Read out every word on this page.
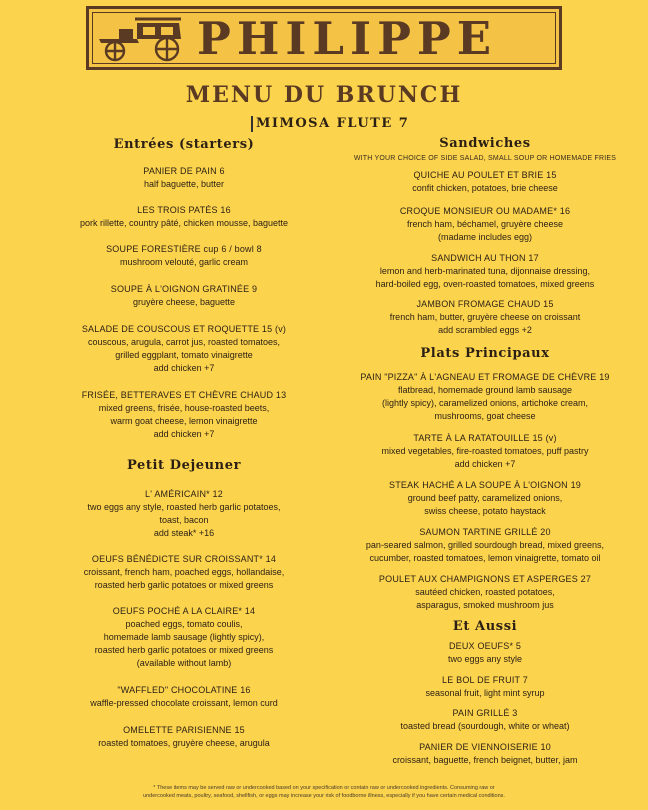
PHILIPPE
MENU DU BRUNCH
MIMOSA FLUTE 7
Entrées (starters)
PANIER DE PAIN 6
half baguette, butter
LES TROIS PATÉS 16
pork rillette, country pâté, chicken mousse, baguette
SOUPE FORESTIÈRE cup 6 / bowl 8
mushroom velouté, garlic cream
SOUPE À L'OIGNON GRATINÉE 9
gruyère cheese, baguette
SALADE DE COUSCOUS ET ROQUETTE 15 (v)
couscous, arugula, carrot jus, roasted tomatoes,
grilled eggplant, tomato vinaigrette
add chicken +7
FRISÉE, BETTERAVES ET CHÈVRE CHAUD 13
mixed greens, frisée, house-roasted beets,
warm goat cheese, lemon vinaigrette
add chicken +7
Petit Dejeuner
L' AMÉRICAIN* 12
two eggs any style, roasted herb garlic potatoes,
toast, bacon
add steak* +16
OEUFS BÉNÉDICTE SUR CROISSANT* 14
croissant, french ham, poached eggs, hollandaise,
roasted herb garlic potatoes or mixed greens
OEUFS POCHÉ A LA CLAIRE* 14
poached eggs, tomato coulis,
homemade lamb sausage (lightly spicy),
roasted herb garlic potatoes or mixed greens
(available without lamb)
"WAFFLED" CHOCOLATINE 16
waffle-pressed chocolate croissant, lemon curd
OMELETTE PARISIENNE 15
roasted tomatoes, gruyère cheese, arugula
Sandwiches
WITH YOUR CHOICE OF SIDE SALAD, SMALL SOUP OR HOMEMADE FRIES
QUICHE AU POULET ET BRIE 15
confit chicken, potatoes, brie cheese
CROQUE MONSIEUR OU MADAME* 16
french ham, béchamel, gruyère cheese
(madame includes egg)
SANDWICH AU THON 17
lemon and herb-marinated tuna, dijonnaise dressing,
hard-boiled egg, oven-roasted tomatoes, mixed greens
JAMBON FROMAGE CHAUD 15
french ham, butter, gruyère cheese on croissant
add scrambled eggs +2
Plats Principaux
PAIN "PIZZA" À L'AGNEAU ET FROMAGE DE CHÈVRE 19
flatbread, homemade ground lamb sausage
(lightly spicy), caramelized onions, artichoke cream,
mushrooms, goat cheese
TARTE À LA RATATOUILLE 15 (v)
mixed vegetables, fire-roasted tomatoes, puff pastry
add chicken +7
STEAK HACHÉ A LA SOUPE À L'OIGNON 19
ground beef patty, caramelized onions,
swiss cheese, potato haystack
SAUMON TARTINE GRILLÉ 20
pan-seared salmon, grilled sourdough bread, mixed greens,
cucumber, roasted tomatoes, lemon vinaigrette, tomato oil
POULET AUX CHAMPIGNONS ET ASPERGES 27
sautéed chicken, roasted potatoes,
asparagus, smoked mushroom jus
Et Aussi
DEUX OEUFS* 5
two eggs any style
LE BOL DE FRUIT 7
seasonal fruit, light mint syrup
PAIN GRILLÉ 3
toasted bread (sourdough, white or wheat)
PANIER DE VIENNOISERIE 10
croissant, baguette, french beignet, butter, jam
* These items may be served raw or undercooked based on your specification or contain raw or undercooked ingredients. Consuming raw or
undercooked meats, poultry, seafood, shellfish, or eggs may increase your risk of foodborne illness, especially if you have certain medical conditions.
